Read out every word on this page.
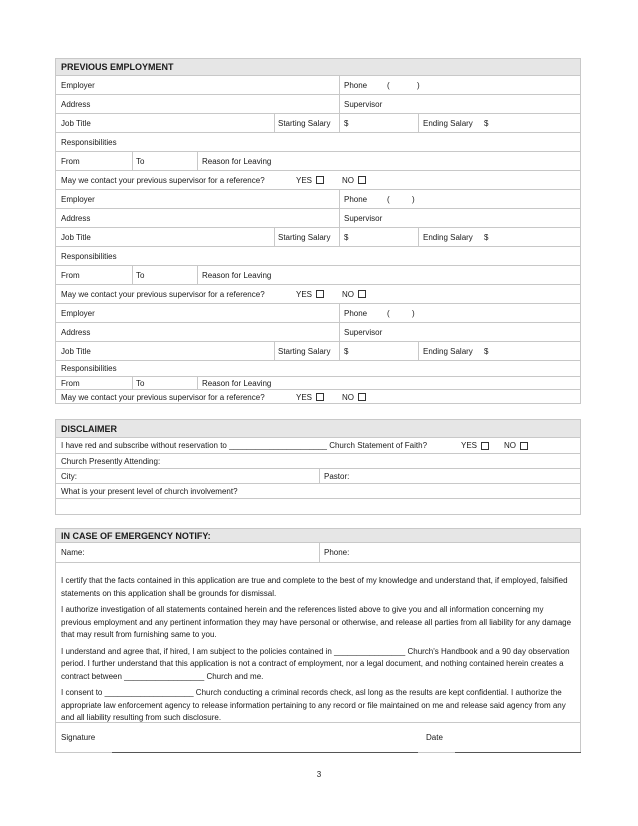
PREVIOUS EMPLOYMENT
Employer	Phone (	)
Address	Supervisor
Job Title	Starting Salary $	Ending Salary $
Responsibilities
From	To	Reason for Leaving
May we contact your previous supervisor for a reference?	YES	NO
Employer	Phone (	)
Address	Supervisor
Job Title	Starting Salary $	Ending Salary $
Responsibilities
From	To	Reason for Leaving
May we contact your previous supervisor for a reference?	YES	NO
Employer	Phone (	)
Address	Supervisor
Job Title	Starting Salary $	Ending Salary $
Responsibilities
From	To	Reason for Leaving
May we contact your previous supervisor for a reference?	YES	NO
DISCLAIMER
I have red and subscribe without reservation to ______________________ Church Statement of Faith?	YES	NO
Church Presently Attending:
City:	Pastor:
What is your present level of church involvement?
IN CASE OF EMERGENCY NOTIFY:
Name:	Phone:

I certify that the facts contained in this application are true and complete to the best of my knowledge and understand that, if employed, falsified statements on this application shall be grounds for dismissal.

I authorize investigation of all statements contained herein and the references listed above to give you and all information concerning my previous employment and any pertinent information they may have personal or otherwise, and release all parties from all liability for any damage that may result from furnishing same to you.

I understand and agree that, if hired, I am subject to the policies contained in ________________ Church's Handbook and a 90 day observation period. I further understand that this application is not a contract of employment, nor a legal document, and nothing contained herein creates a contract between __________________ Church and me.

I consent to ____________________ Church conducting a criminal records check, asl long as the results are kept confidential. I authorize the appropriate law enforcement agency to release information pertaining to any record or file maintained on me and release said agency from any and all liability resulting from such disclosure.

Signature	Date
3
